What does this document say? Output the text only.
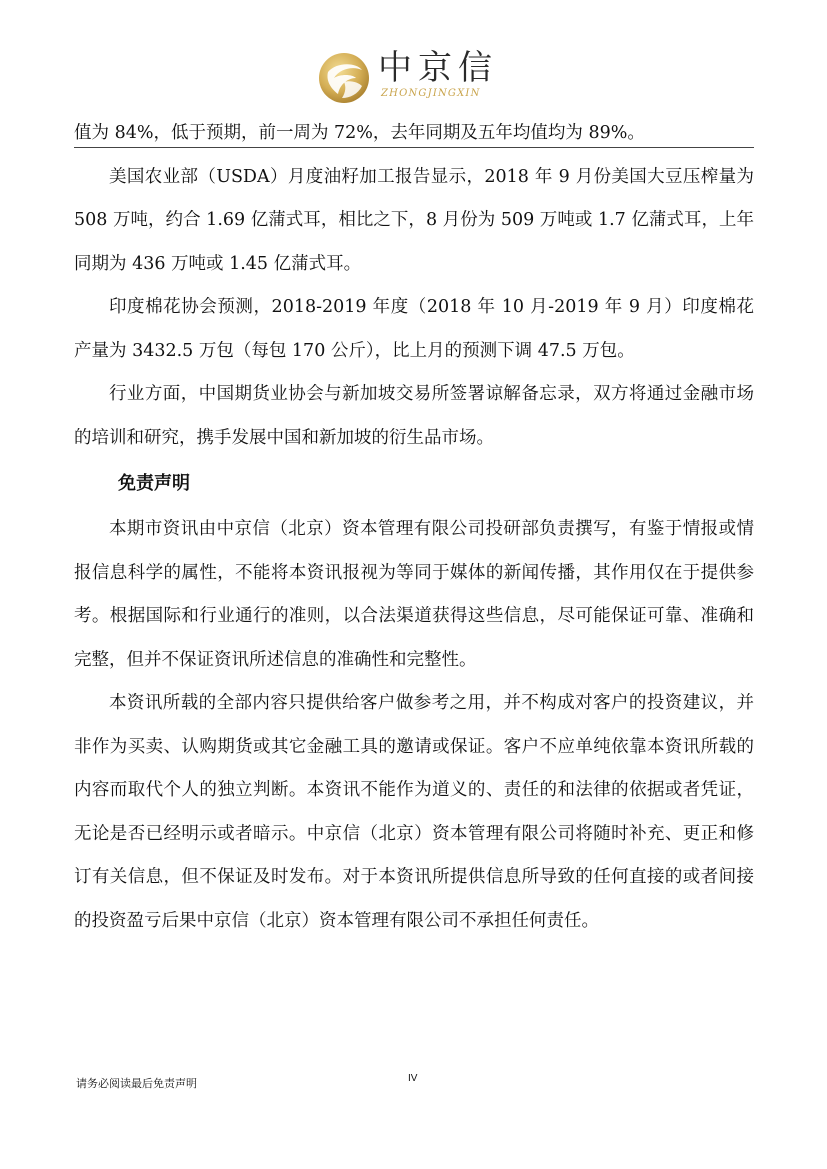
中京信
ZHONGJINGXIN

值为 84%，低于预期，前一周为 72%，去年同期及五年均值均为 89%。

美国农业部（USDA）月度油籽加工报告显示，2018 年 9 月份美国大豆压榨量为 508 万吨，约合 1.69 亿蒲式耳，相比之下，8 月份为 509 万吨或 1.7 亿蒲式耳，上年同期为 436 万吨或 1.45 亿蒲式耳。

印度棉花协会预测，2018-2019 年度（2018 年 10 月-2019 年 9 月）印度棉花产量为 3432.5 万包（每包 170 公斤），比上月的预测下调 47.5 万包。

行业方面，中国期货业协会与新加坡交易所签署谅解备忘录，双方将通过金融市场的培训和研究，携手发展中国和新加坡的衍生品市场。

免责声明

本期市资讯由中京信（北京）资本管理有限公司投研部负责撰写，有鉴于情报或情报信息科学的属性，不能将本资讯报视为等同于媒体的新闻传播，其作用仅在于提供参考。根据国际和行业通行的准则，以合法渠道获得这些信息，尽可能保证可靠、准确和完整，但并不保证资讯所述信息的准确性和完整性。

本资讯所载的全部内容只提供给客户做参考之用，并不构成对客户的投资建议，并非作为买卖、认购期货或其它金融工具的邀请或保证。客户不应单纯依靠本资讯所载的内容而取代个人的独立判断。本资讯不能作为道义的、责任的和法律的依据或者凭证，无论是否已经明示或者暗示。中京信（北京）资本管理有限公司将随时补充、更正和修订有关信息，但不保证及时发布。对于本资讯所提供信息所导致的任何直接的或者间接的投资盈亏后果中京信（北京）资本管理有限公司不承担任何责任。

请务必阅读最后免责声明	IV
